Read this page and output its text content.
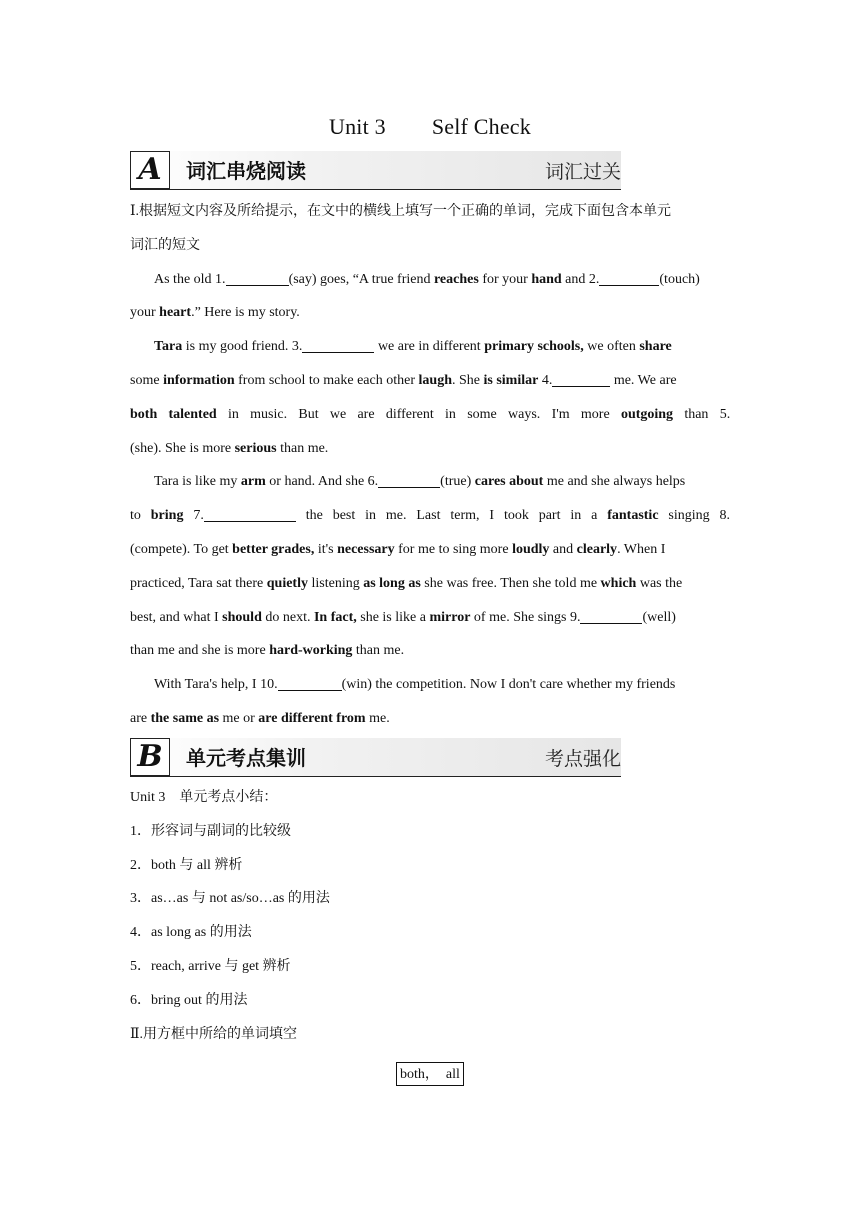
Unit 3 Self Check
A	词汇串烧阅读	词汇过关
Ⅰ.根据短文内容及所给提示，在文中的横线上填写一个正确的单词，完成下面包含本单元
词汇的短文
As the old 1.	(say) goes, “A true friend reaches for your hand and 2.	(touch)
your heart.” Here is my story.
Tara is my good friend. 3.	we are in different primary schools, we often share
some information from school to make each other laugh. She is similar 4.	me. We are
both talented in music. But we are different in some ways. I'm more outgoing than 5.
(she). She is more serious than me.
Tara is like my arm or hand. And she 6.	(true) cares about me and she always helps
to bring 7.	the best in me. Last term, I took part in a fantastic singing 8.
(compete). To get better grades, it's necessary for me to sing more loudly and clearly. When I
practiced, Tara sat there quietly listening as long as she was free. Then she told me which was the
best, and what I should do next. In fact, she is like a mirror of me. She sings 9.	(well)
than me and she is more hard-working than me.
With Tara's help, I 10.	(win) the competition. Now I don't care whether my friends
are the same as me or are different from me.
B	单元考点集训	考点强化
Unit 3　单元考点小结：
1．形容词与副词的比较级
2．both 与 all 辨析
3．as…as 与 not as/so…as 的用法
4．as long as 的用法
5．reach, arrive 与 get 辨析
6．bring out 的用法
Ⅱ.用方框中所给的单词填空
both，　all
